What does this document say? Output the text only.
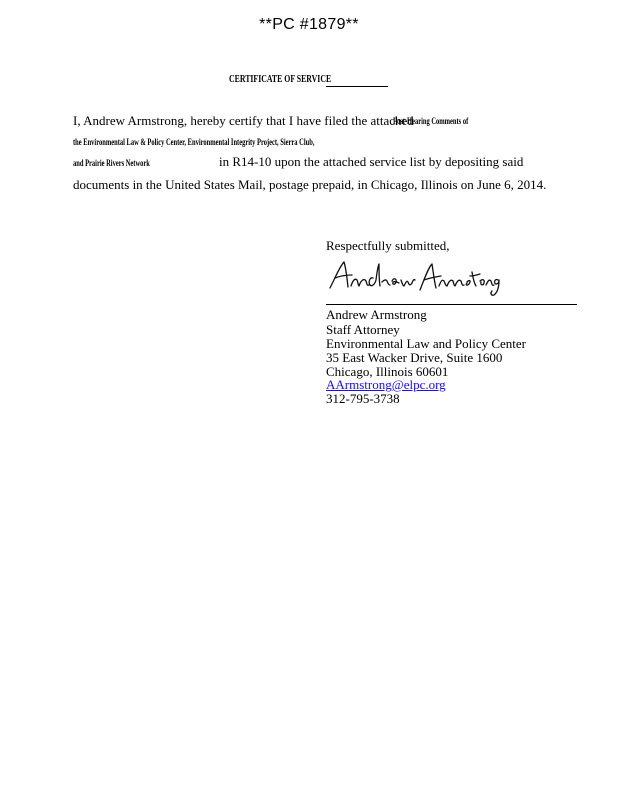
**PC #1879**
CERTIFICATE OF SERVICE
I, Andrew Armstrong, hereby certify that I have filed the attached
Post-Hearing Comments of
the Environmental Law & Policy Center, Environmental Integrity Project, Sierra Club,
and Prairie Rivers Network	in R14-10 upon the attached service list by depositing said
documents in the United States Mail, postage prepaid, in Chicago, Illinois on June 6, 2014.
Respectfully submitted,
Andrew Armstrong
Staff Attorney
Environmental Law and Policy Center
35 East Wacker Drive, Suite 1600
Chicago, Illinois 60601
AArmstrong@elpc.org
312-795-3738
